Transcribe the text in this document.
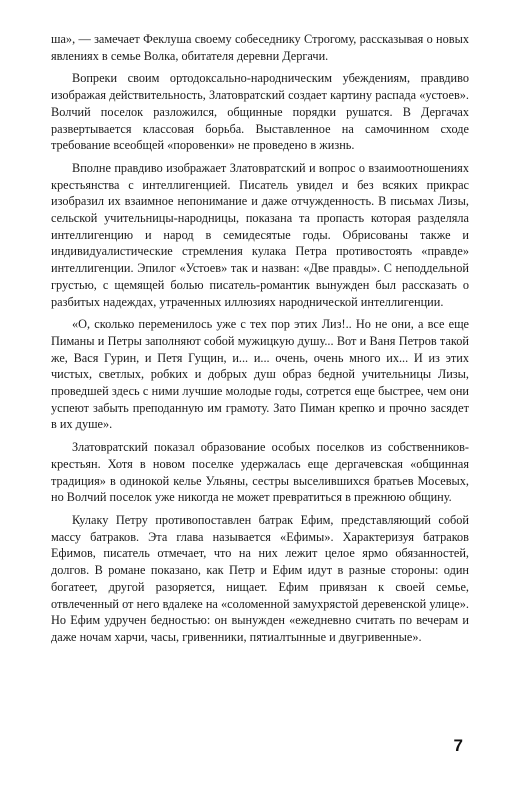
ша», — замечает Феклуша своему собеседнику Строгому, рассказывая о новых явлениях в семье Волка, обитателя деревни Дергачи.

Вопреки своим ортодоксально-народническим убеждениям, правдиво изображая действительность, Златовратский создает картину распада «устоев». Волчий поселок разложился, общинные порядки рушатся. В Дергачах развертывается классовая борьба. Выставленное на самочинном сходе требование всеобщей «поровенки» не проведено в жизнь.

Вполне правдиво изображает Златовратский и вопрос о взаимоотношениях крестьянства с интеллигенцией. Писатель увидел и без всяких прикрас изобразил их взаимное непонимание и даже отчужденность. В письмах Лизы, сельской учительницы-народницы, показана та пропасть которая разделяла интеллигенцию и народ в семидесятые годы. Обрисованы также и индивидуалистические стремления кулака Петра противостоять «правде» интеллигенции. Эпилог «Устоев» так и назван: «Две правды». С неподдельной грустью, с щемящей болью писатель-романтик вынужден был рассказать о разбитых надеждах, утраченных иллюзиях народнической интеллигенции.

«О, сколько переменилось уже с тех пор этих Лиз!.. Но не они, а все еще Пиманы и Петры заполняют собой мужицкую душу... Вот и Ваня Петров такой же, Вася Гурин, и Петя Гущин, и... и... очень, очень много их... И из этих чистых, светлых, робких и добрых душ образ бедной учительницы Лизы, проведшей здесь с ними лучшие молодые годы, сотрется еще быстрее, чем они успеют забыть преподанную им грамоту. Зато Пиман крепко и прочно засядет в их душе».

Златовратский показал образование особых поселков из собственников-крестьян. Хотя в новом поселке удержалась еще дергачевская «общинная традиция» в одинокой келье Ульяны, сестры выселившихся братьев Мосевых, но Волчий поселок уже никогда не может превратиться в прежнюю общину.

Кулаку Петру противопоставлен батрак Ефим, представляющий собой массу батраков. Эта глава называется «Ефимы». Характеризуя батраков Ефимов, писатель отмечает, что на них лежит целое ярмо обязанностей, долгов. В романе показано, как Петр и Ефим идут в разные стороны: один богатеет, другой разоряется, нищает. Ефим привязан к своей семье, отвлеченный от него вдалеке на «соломенной замухрястой деревенской улице». Но Ефим удручен бедностью: он вынужден «ежедневно считать по вечерам и даже ночам харчи, часы, гривенники, пятиалтынные и двугривенные».

7
